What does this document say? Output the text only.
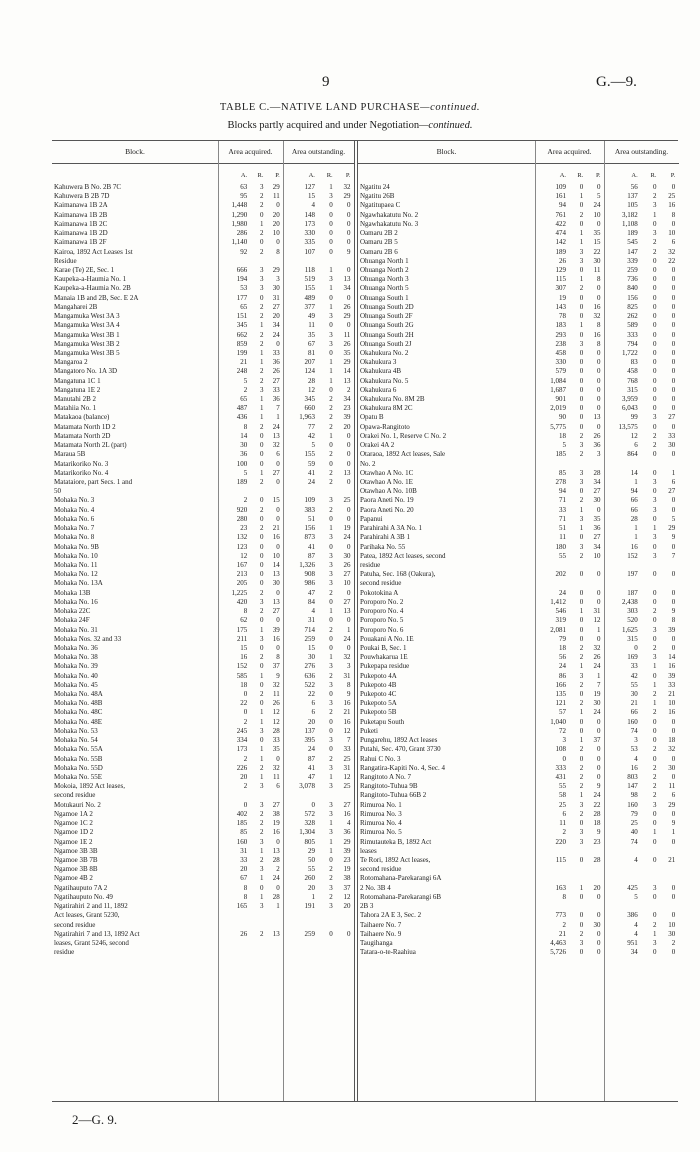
9	G.—9.
TABLE C.—NATIVE LAND PURCHASE—continued.
Blocks partly acquired and under Negotiation—continued.
Block.	Area acquired.	Area outstanding.
A.	R.	P.	A.	R.	P.
Kahuwera B No. 2B 7C	63	3	29	127	1	32
Kahuwera B 2B 7D	95	2	11	15	3	29
Kaimanawa 1B 2A	1,448	2	0	4	0	0
Kaimanawa 1B 2B	1,290	0	20	148	0	0
Kaimanawa 1B 2C	1,980	1	20	173	0	0
Kaimanawa 1B 2D	286	2	10	330	0	0
Kaimanawa 1B 2F	1,140	0	0	335	0	0
Kairoa, 1892 Act Leases 1st	92	2	8	107	0	9
Residue
Karae (Te) 2E, Sec. 1	666	3	29	118	1	0
Kaupeka-a-Haumia No. 1	194	3	3	519	3	13
Kaupeka-a-Haumia No. 2B	53	3	30	155	1	34
Manaia 1B and 2B, Sec. E 2A	177	0	31	489	0	0
Mangaharei 2B	65	2	27	377	1	26
Mangamuka West 3A 3	151	2	20	49	3	29
Mangamuka West 3A 4	345	1	34	11	0	0
Mangamuka West 3B 1	662	2	24	35	3	11
Mangamuka West 3B 2	859	2	0	67	3	26
Mangamuka West 3B 5	199	1	33	81	0	35
Mangaroa 2	21	1	36	207	1	29
Mangatoro No. 1A 3D	248	2	26	124	1	14
Mangatuna 1C 1	5	2	27	28	1	13
Mangatuna 1E 2	2	3	33	12	0	2
Manutahi 2B 2	65	1	36	345	2	34
Matahiia No. 1	487	1	7	660	2	23
Matakaoa (balance)	436	1	1	1,963	2	39
Matamata North 1D 2	8	2	24	77	2	20
Matamata North 2D	14	0	13	42	1	0
Matamata North 2L (part)	30	0	32	5	0	0
Maraua 5B	36	0	6	155	2	0
Matarikoriko No. 3	100	0	0	59	0	0
Matarikoriko No. 4	5	1	27	41	2	13
Matataiore, part Secs. 1 and	189	2	0	24	2	0
50
Mohaka No. 3	2	0	15	109	3	25
Mohaka No. 4	920	2	0	383	2	0
Mohaka No. 6	280	0	0	51	0	0
Mohaka No. 7	23	2	21	156	1	19
Mohaka No. 8	132	0	16	873	3	24
Mohaka No. 9B	123	0	0	41	0	0
Mohaka No. 10	12	0	10	87	3	30
Mohaka No. 11	167	0	14	1,326	3	26
Mohaka No. 12	213	0	13	908	3	27
Mohaka No. 13A	205	0	30	986	3	10
Mohaka 13B	1,225	2	0	47	2	0
Mohaka No. 16	420	3	13	84	0	27
Mohaka 22C	8	2	27	4	1	13
Mohaka 24F	62	0	0	31	0	0
Mohaka No. 31	175	1	39	714	2	1
Mohaka Nos. 32 and 33	211	3	16	259	0	24
Mohaka No. 36	15	0	0	15	0	0
Mohaka No. 38	16	2	8	30	1	32
Mohaka No. 39	152	0	37	276	3	3
Mohaka No. 40	585	1	9	636	2	31
Mohaka No. 45	18	0	32	522	3	8
Mohaka No. 48A	0	2	11	22	0	9
Mohaka No. 48B	22	0	26	6	3	16
Mohaka No. 48C	0	1	12	6	2	21
Mohaka No. 48E	2	1	12	20	0	16
Mohaka No. 53	245	3	28	137	0	12
Mohaka No. 54	334	0	33	395	3	7
Mohaka No. 55A	173	1	35	24	0	33
Mohaka No. 55B	2	1	0	87	2	25
Mohaka No. 55D	226	2	32	41	3	31
Mohaka No. 55E	20	1	11	47	1	12
Mokoia, 1892 Act leases,	2	3	6	3,078	3	25
second residue
Motukauri No. 2	0	3	27	0	3	27
Ngamoe 1A 2	402	2	38	572	3	16
Ngamoe 1C 2	185	2	19	328	1	4
Ngamoe 1D 2	85	2	16	1,304	3	36
Ngamoe 1E 2	160	3	0	805	1	29
Ngamoe 3B 3B	31	1	13	29	1	39
Ngamoe 3B 7B	33	2	28	50	0	23
Ngamoe 3B 8B	20	3	2	55	2	19
Ngamoe 4B 2	67	1	24	260	2	38
Ngatihauputo 7A 2	8	0	0	20	3	37
Ngatihauputo No. 49	8	1	28	1	2	12
Ngatirahiri 2 and 11, 1892	165	3	1	191	3	20
Act leases, Grant 5230,
second residue
Ngatirahiri 7 and 13, 1892 Act	26	2	13	259	0	0
leases, Grant 5246, second
residue
Block.	Area acquired.	Area outstanding.
A.	R.	P.	A.	R.	P.
Ngatitu 24	109	0	0	56	0	0
Ngatitu 26B	161	1	5	137	2	25
Ngatitupaea C	94	0	24	105	3	16
Ngawhakatutu No. 2	761	2	10	3,182	1	8
Ngawhakatutu No. 3	422	0	0	1,108	0	0
Oamaru 2B 2	474	1	35	189	3	10
Oamaru 2B 5	142	1	15	545	2	6
Oamaru 2B 6	189	3	22	147	2	32
Ohuanga North 1	26	3	30	339	0	22
Ohuanga North 2	129	0	11	259	0	0
Ohuanga North 3	115	1	8	736	0	0
Ohuanga North 5	307	2	0	840	0	0
Ohuanga South 1	19	0	0	156	0	0
Ohuanga South 2D	143	0	16	825	0	0
Ohuanga South 2F	78	0	32	262	0	0
Ohuanga South 2G	183	1	8	589	0	0
Ohuanga South 2H	293	0	16	333	0	0
Ohuanga South 2J	238	3	8	794	0	0
Okahukura No. 2	458	0	0	1,722	0	0
Okahukura 3	330	0	0	83	0	0
Okahukura 4B	579	0	0	458	0	0
Okahukura No. 5	1,084	0	0	768	0	0
Okahukura 6	1,687	0	0	315	0	0
Okahukura No. 8M 2B	901	0	0	3,959	0	0
Okahukura 8M 2C	2,019	0	0	6,043	0	0
Opatu B	90	0	13	99	3	27
Opawa-Rangitoto	5,775	0	0	13,575	0	0
Orakei No. 1, Reserve C No. 2	18	2	26	12	2	33
Orakei 4A 2	5	3	36	6	2	30
Otaraoa, 1892 Act leases, Sale	185	2	3	864	0	0
No. 2
Otawhao A No. 1C	85	3	28	14	0	1
Otawhao A No. 1E	278	3	34	1	3	6
Otawhao A No. 10B	94	0	27	94	0	27
Paora Aneti No. 19	71	2	30	66	3	0
Paora Aneti No. 20	33	1	0	66	3	0
Papanui	71	3	35	28	0	5
Parahirahi A 3A No. 1	51	1	36	1	1	29
Parahirahi A 3B 1	11	0	27	1	3	9
Parihaka No. 55	180	3	34	16	0	0
Patea, 1892 Act leases, second	55	2	10	152	3	7
residue
Patuha, Sec. 168 (Oakura),	202	0	0	197	0	0
second residue
Pokotokina A	24	0	0	187	0	0
Poroporo No. 2	1,412	0	0	2,438	0	0
Poroporo No. 4	546	1	31	303	2	9
Poroporo No. 5	319	0	12	520	0	8
Poroporo No. 6	2,081	0	1	1,625	3	39
Pouakani A No. 1E	79	0	0	315	0	0
Poukai B, Sec. 1	18	2	32	0	2	0
Pouwhakarua 1E	56	2	26	169	3	14
Pukepapa residue	24	1	24	33	1	16
Pukepoto 4A	86	3	1	42	0	39
Pukepoto 4B	166	2	7	55	1	33
Pukepoto 4C	135	0	19	30	2	21
Pukepoto 5A	121	2	30	21	1	10
Pukepoto 5B	57	1	24	66	2	16
Puketapu South	1,040	0	0	160	0	0
Puketi	72	0	0	74	0	0
Pungarehu, 1892 Act leases	3	1	37	3	0	18
Putahi, Sec. 470, Grant 3730	108	2	0	53	2	32
Rahui C No. 3	0	0	0	4	0	0
Rangatira-Kapiti No. 4, Sec. 4	333	2	0	16	2	30
Rangitoto A No. 7	431	2	0	803	2	0
Rangitoto-Tuhua 9B	55	2	9	147	2	11
Rangitoto-Tuhua 66B 2	58	1	24	98	2	6
Rimuroa No. 1	25	3	22	160	3	29
Rimuroa No. 3	6	2	28	79	0	0
Rimuroa No. 4	11	0	18	25	0	9
Rimuroa No. 5	2	3	9	40	1	1
Rimutauteka B, 1892 Act	220	3	23	74	0	0
leases
Te Rori, 1892 Act leases,	115	0	28	4	0	21
second residue
Rotomahana-Parekarangi 6A
2 No. 3B 4	163	1	20	425	3	0
Rotomahana-Parekarangi 6B	8	0	0	5	0	0
2B 3
Tahora 2A E 3, Sec. 2	773	0	0	386	0	0
Taihaere No. 7	2	0	30	4	2	10
Taihaere No. 9	21	2	0	4	1	30
Taugihanga	4,463	3	0	951	3	2
Tatara-o-te-Raahiua	5,726	0	0	34	0	0
2—G. 9.
